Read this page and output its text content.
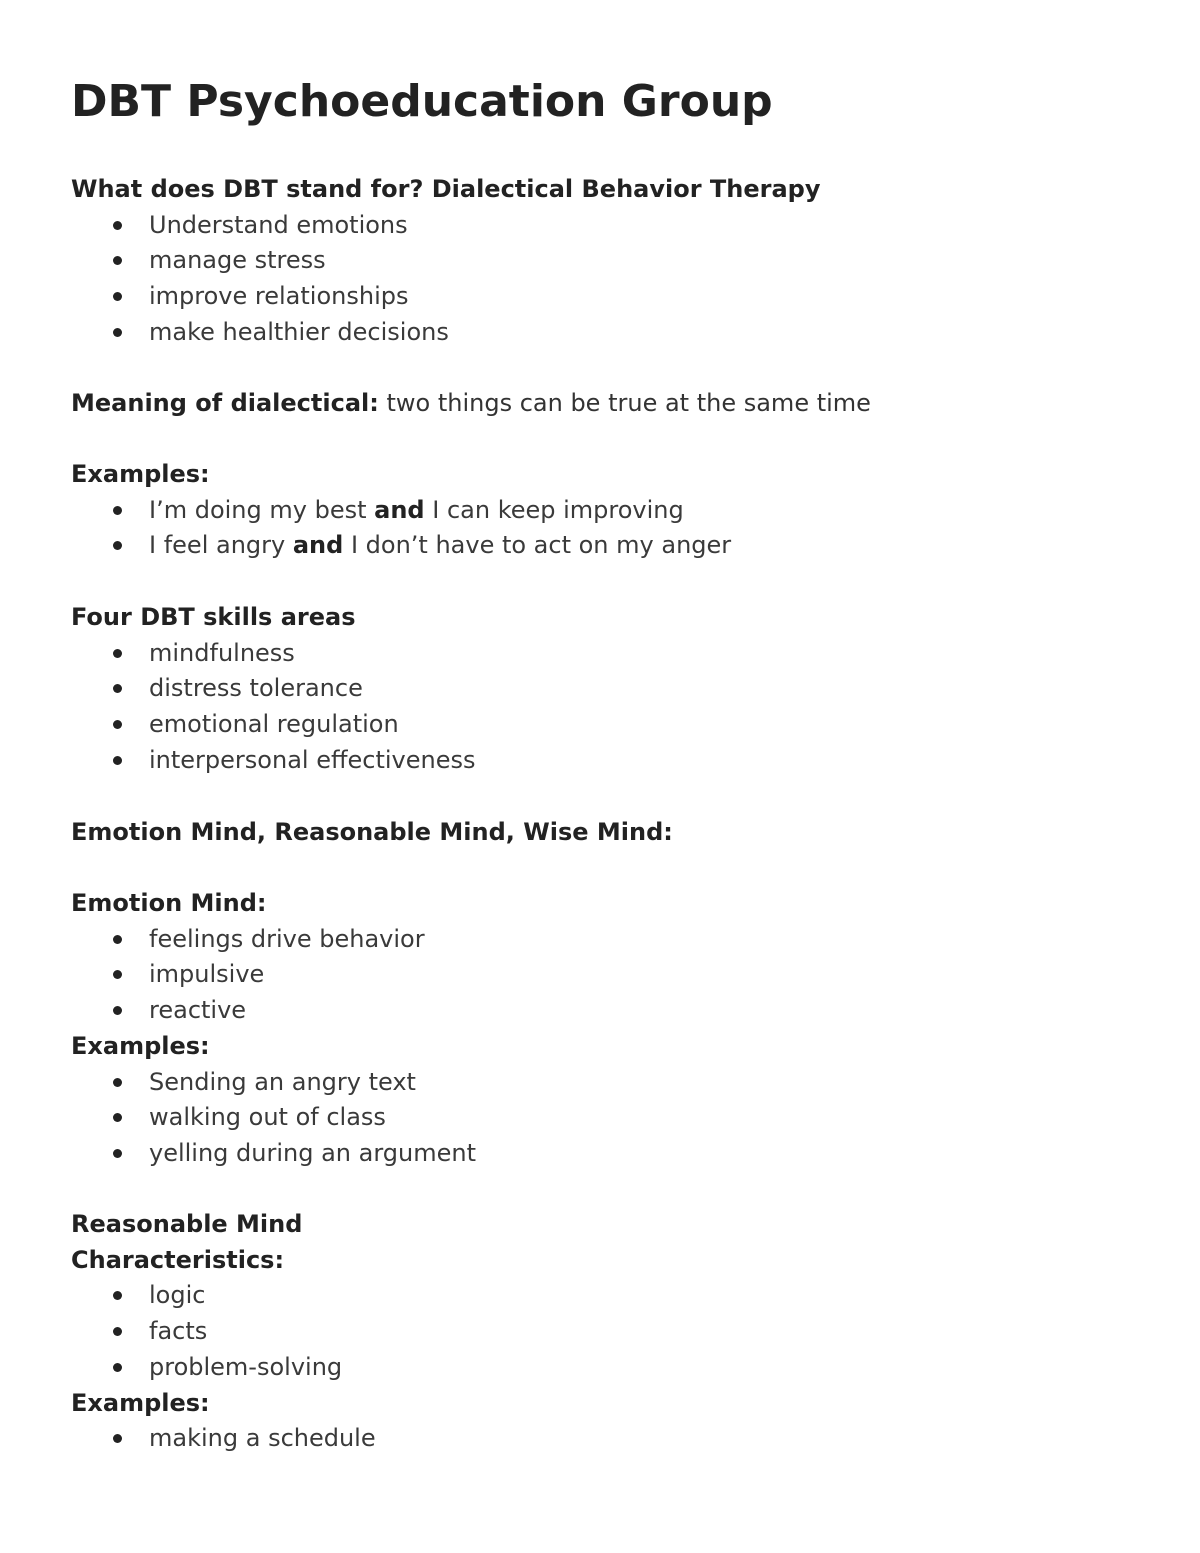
DBT Psychoeducation Group

What does DBT stand for? Dialectical Behavior Therapy

Understand emotions
manage stress
improve relationships
make healthier decisions

Meaning of dialectical: two things can be true at the same time

Examples:

I’m doing my best and I can keep improving
I feel angry and I don’t have to act on my anger

Four DBT skills areas

mindfulness
distress tolerance
emotional regulation
interpersonal effectiveness

Emotion Mind, Reasonable Mind, Wise Mind:

Emotion Mind:

feelings drive behavior
impulsive
reactive

Examples:

Sending an angry text
walking out of class
yelling during an argument

Reasonable Mind

Characteristics:

logic
facts
problem-solving

Examples:

making a schedule
